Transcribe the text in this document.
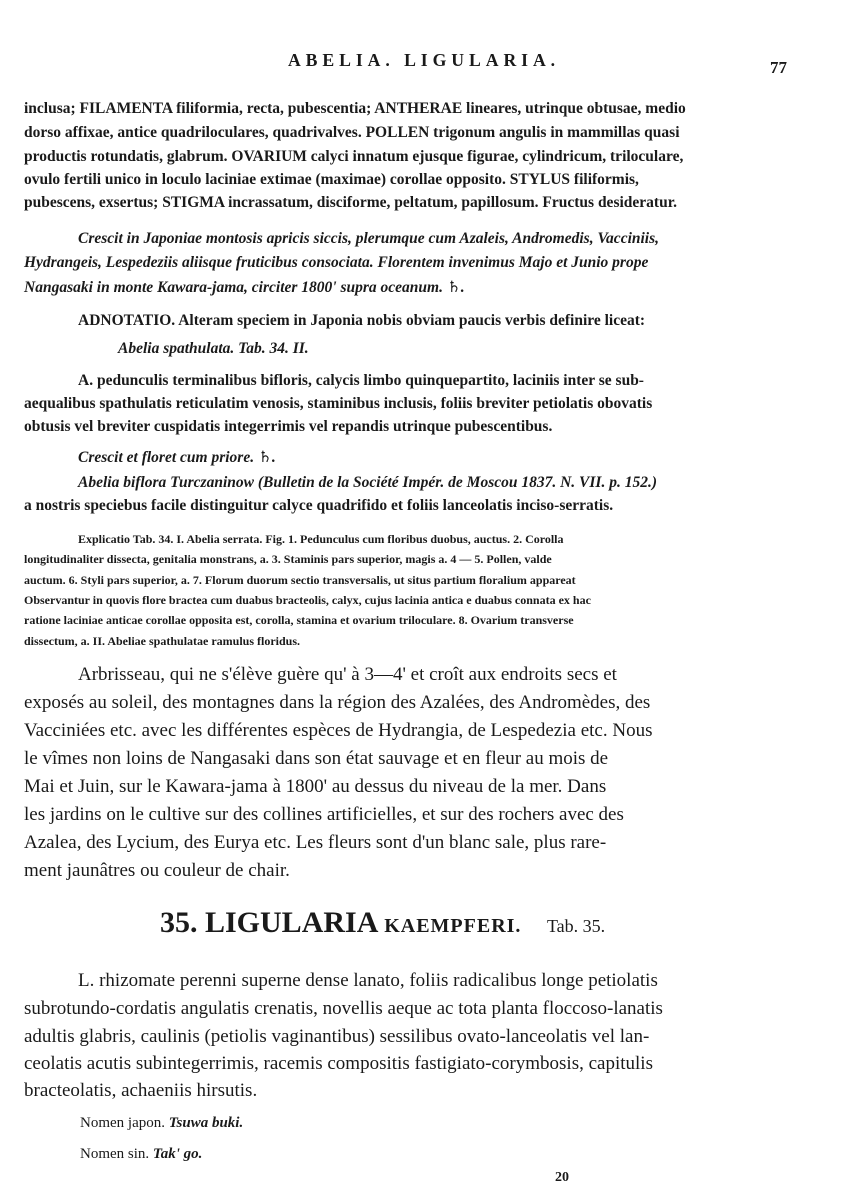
ABELIA. LIGULARIA.	77
inclusa; FILAMENTA filiformia, recta, pubescentia; ANTHERAE lineares, utrinque obtusae, medio
dorso affixae, antice quadriloculares, quadrivalves. POLLEN trigonum angulis in mammillas quasi
productis rotundatis, glabrum. OVARIUM calyci innatum ejusque figurae, cylindricum, triloculare,
ovulo fertili unico in loculo laciniae extimae (maximae) corollae opposito. STYLUS filiformis,
pubescens, exsertus; STIGMA incrassatum, disciforme, peltatum, papillosum. Fructus desideratur.
Crescit in Japoniae montosis apricis siccis, plerumque cum Azaleis, Andromedis, Vacciniis,
Hydrangeis, Lespedeziis aliisque fruticibus consociata. Florentem invenimus Majo et Junio prope
Nangasaki in monte Kawara-jama, circiter 1800' supra oceanum. ♄.
ADNOTATIO. Alteram speciem in Japonia nobis obviam paucis verbis definire liceat:
Abelia spathulata. Tab. 34. II.
A. pedunculis terminalibus bifloris, calycis limbo quinquepartito, laciniis inter se sub-
aequalibus spathulatis reticulatim venosis, staminibus inclusis, foliis breviter petiolatis obovatis
obtusis vel breviter cuspidatis integerrimis vel repandis utrinque pubescentibus.
Crescit et floret cum priore. ♄.
Abelia biflora Turczaninow (Bulletin de la Société Impér. de Moscou 1837. N. VII. p. 152.)
a nostris speciebus facile distinguitur calyce quadrifido et foliis lanceolatis inciso-serratis.
Explicatio Tab. 34. I. Abelia serrata. Fig. 1. Pedunculus cum floribus duobus, auctus. 2. Corolla
longitudinaliter dissecta, genitalia monstrans, a. 3. Staminis pars superior, magis a. 4 — 5. Pollen, valde
auctum. 6. Styli pars superior, a. 7. Florum duorum sectio transversalis, ut situs partium floralium appareat
Observantur in quovis flore bractea cum duabus bracteolis, calyx, cujus lacinia antica e duabus connata ex hac
ratione laciniae anticae corollae opposita est, corolla, stamina et ovarium triloculare. 8. Ovarium transverse
dissectum, a. II. Abeliae spathulatae ramulus floridus.
Arbrisseau, qui ne s'élève guère qu' à 3—4' et croît aux endroits secs et
exposés au soleil, des montagnes dans la région des Azalées, des Andromèdes, des
Vacciniées etc. avec les différentes espèces de Hydrangia, de Lespedezia etc. Nous
le vîmes non loins de Nangasaki dans son état sauvage et en fleur au mois de
Mai et Juin, sur le Kawara-jama à 1800' au dessus du niveau de la mer. Dans
les jardins on le cultive sur des collines artificielles, et sur des rochers avec des
Azalea, des Lycium, des Eurya etc. Les fleurs sont d'un blanc sale, plus rare-
ment jaunâtres ou couleur de chair.
35. LIGULARIA KAEMPFERI. Tab. 35.
L. rhizomate perenni superne dense lanato, foliis radicalibus longe petiolatis
subrotundo-cordatis angulatis crenatis, novellis aeque ac tota planta floccoso-lanatis
adultis glabris, caulinis (petiolis vaginantibus) sessilibus ovato-lanceolatis vel lan-
ceolatis acutis subintegerrimis, racemis compositis fastigiato-corymbosis, capitulis
bracteolatis, achaeniis hirsutis.
Nomen japon. Tsuwa buki.
Nomen sin. Tak' go.
20
